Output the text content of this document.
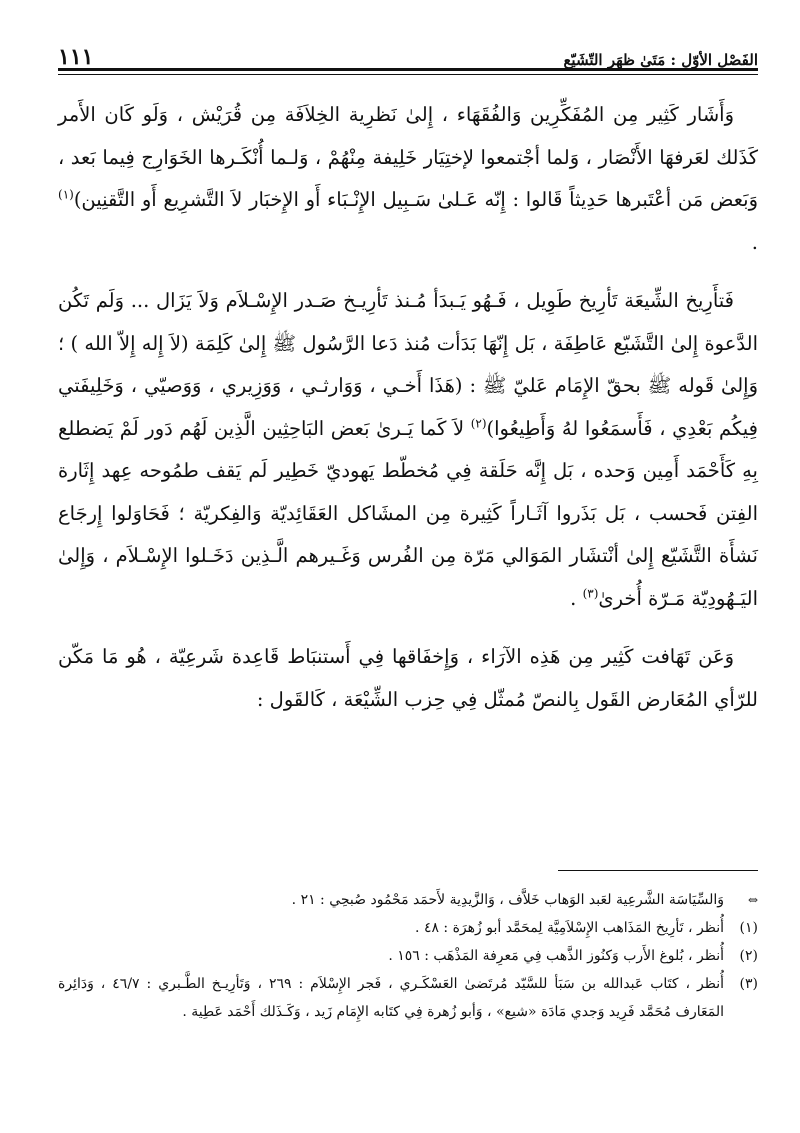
الفَصْل الأوّل : مَتَىٰ ظهَر التّشَيّع
١١١

وَأَشَار كَثِير مِن المُفَكِّرِين وَالفُقَهَاء ، إِلىٰ نَظرِية الخِلاَفَة مِن قُرَيْش ، وَلَو كَان الأَمر كَذَلك لعَرفهَا الأَنْصَار ، وَلما أجْتمعوا لإختِيَار خَلِيفة مِنْهُمْ ، وَلـما أُنْكَـرها الخَوَارِج فِيما بَعد ، وَبَعض مَن أعْتَبرها حَدِيثاً قَالوا : إِنّه عَـلىٰ سَـبِيل الإِنْـبَاء أَو الإِخبَار لاَ التَّشرِيع أَو التَّقنِين)$^{(١)}$ .

فَتأَرِيخ الشِّيعَة تَأرِيخ طَوِيل ، فَـهُو يَـبدَأ مُـنذ تَأرِيـخ صَـدر الإِسْـلاَم وَلاَ يَزَال ... وَلَم تَكُن الدَّعوة إِلىٰ التَّشَيّع عَاطِفَة ، بَل إِنّهَا بَدَأت مُنذ دَعا الرَّسُول ﷺ إِلىٰ كَلِمَة (لاَ إِله إِلاّ الله ) ؛ وَإِلىٰ قَوله ﷺ بحقّ الإِمَام عَليّ ﷺ : (هَذَا أَخـي ، وَوَارثـي ، وَوَزِيري ، وَوَصيّي ، وَخَلِيفَتي فِيكُم بَعْدِي ، فَأَسمَعُوا لهُ وَأَطِيعُوا)$^{(٢)}$ لاَ كَما يَـرىٰ بَعض البَاحِثِين الَّذِين لَهُم دَور لَمْ يَضطلع بِهِ كَأَحْمَد أَمِين وَحده ، بَل إِنَّه حَلَقة فِي مُخطّط يَهوديّ خَطِير لَم يَقف طمُوحه عِهد إِثَارة الفِتن فَحسب ، بَل بَذَروا آثَـاراً كَثِيرة مِن المشَاكل العَقَائِديّة وَالفِكريّة ؛ فَحَاوَلوا إِرجَاع نَشأَة التَّشَيّع إِلىٰ أنْتشَار المَوَالي مَرّة مِن الفُرس وَغَـيرهم الَّـذِين دَخَـلوا الإِسْـلاَم ، وَإِلىٰ اليَـهُودِيّة مَـرّة أُخرىٰ$^{(٣)}$ .

وَعَن تَهَافت كَثِير مِن هَذِه الآرَاء ، وَإِخفَاقها فِي أَستنبَاط قَاعِدة شَرعِيّة ، هُو مَا مَكّن للرّأي المُعَارض القَول بِالنصّ مُمثّل فِي حِزب الشِّيْعَة ، كَالقَول :

⇔
وَالسِّيَاسَة الشَّرعِية لعَبد الوَهاب خَلاَّف ، وَالزَّيدِية لأَحمَد مَحْمُود صُبحِي : ٢١ .
(١)
أُنظر ، تَأرِيخ المَذَاهب الإِسْلاَمِيَّة لِمحَمَّد أبو زُهرَة : ٤٨ .
(٢)
أُنظر ، بُلوغ الأَرب وَكنُوز الذَّهب فِي مَعرِفة المَذْهَب : ١٥٦ .
(٣)
أُنظر ، كتَاب عَبدالله بن سَبَأ للسَّيّد مُرتَضىٰ العَسْكَـري ، فَجر الإِسْلاَم : ٢٦٩ ، وَتَأرِيـخ الطَّـبري : ٤٦/٧ ، وَدَائِرة المَعَارف مُحَمَّد فَرِيد وَجدي مَادَة «شيع» ، وَأبو زُهرة فِي كتَابه الإِمَام زَيد ، وَكَـذَلك أَحْمَد عَطِية .
